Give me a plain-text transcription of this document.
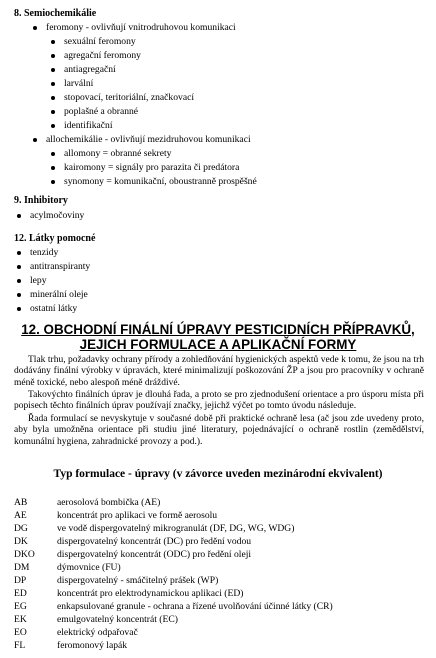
8. Semiochemikálie
feromony - ovlivňují vnitrodruhovou komunikaci
sexuální feromony
agregační feromony
antiagregační
larvální
stopovací, teritoriální, značkovací
poplašné a obranné
identifikační
allochemikálie - ovlivňují mezidruhovou komunikaci
allomony = obranné sekrety
kairomony = signály pro parazita či predátora
synomony = komunikační, oboustranně prospěšné
9. Inhibitory
acylmočoviny
12. Látky pomocné
tenzidy
antitranspiranty
lepy
minerální oleje
ostatní látky
12. OBCHODNÍ FINÁLNÍ ÚPRAVY PESTICIDNÍCH PŘÍPRAVKŮ,
JEJICH FORMULACE A APLIKAČNÍ FORMY
Tlak trhu, požadavky ochrany přírody a zohledňování hygienických aspektů vede k tomu, že jsou na trh dodávány finální výrobky v úpravách, které minimalizují poškozování ŽP a jsou pro pracovníky v ochraně méně toxické, nebo alespoň méně dráždivé.
Takovýchto finálních úprav je dlouhá řada, a proto se pro zjednodušení orientace a pro úsporu místa při popisech těchto finálních úprav používají značky, jejichž výčet po tomto úvodu následuje.
Řada formulací se nevyskytuje v současné době při praktické ochraně lesa (ač jsou zde uvedeny proto, aby byla umožněna orientace při studiu jiné literatury, pojednávající o ochraně rostlin (zemědělství, komunální hygiena, zahradnické provozy a pod.).
Typ formulace - úpravy (v závorce uveden mezinárodní ekvivalent)
AB	aerosolová bombička (AE)
AE	koncentrát pro aplikaci ve formě aerosolu
DG	ve vodě dispergovatelný mikrogranulát (DF, DG, WG, WDG)
DK	dispergovatelný koncentrát (DC) pro ředění vodou
DKO dispergovatelný koncentrát (ODC) pro ředění oleji
DM	dýmovnice (FU)
DP	dispergovatelný - smáčitelný prášek (WP)
ED	koncentrát pro elektrodynamickou aplikaci (ED)
EG	enkapsulované granule - ochrana a řízené uvolňování účinné látky (CR)
EK	emulgovatelný koncentrát (EC)
EO	elektrický odpařovač
FL	feromonový lapák
